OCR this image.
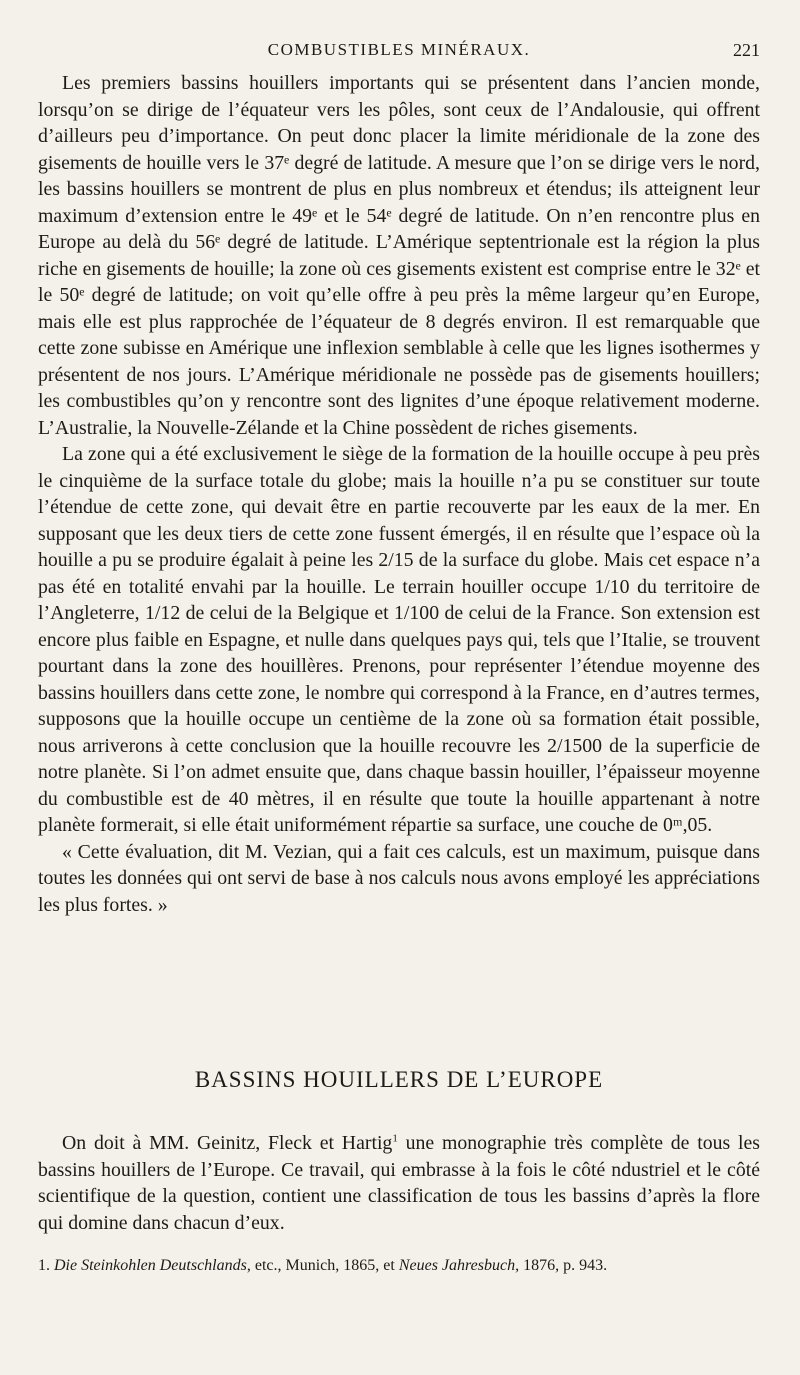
COMBUSTIBLES MINÉRAUX.	221

Les premiers bassins houillers importants qui se présentent dans l’ancien monde, lorsqu’on se dirige de l’équateur vers les pôles, sont ceux de l’Andalousie, qui offrent d’ailleurs peu d’importance. On peut donc placer la limite méridionale de la zone des gisements de houille vers le 37ᵉ degré de latitude. A mesure que l’on se dirige vers le nord, les bassins houillers se montrent de plus en plus nombreux et étendus; ils atteignent leur maximum d’extension entre le 49ᵉ et le 54ᵉ degré de latitude. On n’en rencontre plus en Europe au delà du 56ᵉ degré de latitude. L’Amérique septentrionale est la région la plus riche en gisements de houille; la zone où ces gisements existent est comprise entre le 32ᵉ et le 50ᵉ degré de latitude; on voit qu’elle offre à peu près la même largeur qu’en Europe, mais elle est plus rapprochée de l’équateur de 8 degrés environ. Il est remarquable que cette zone subisse en Amérique une inflexion semblable à celle que les lignes isothermes y présentent de nos jours. L’Amérique méridionale ne possède pas de gisements houillers; les combustibles qu’on y rencontre sont des lignites d’une époque relativement moderne. L’Australie, la Nouvelle-Zélande et la Chine possèdent de riches gisements.

La zone qui a été exclusivement le siège de la formation de la houille occupe à peu près le cinquième de la surface totale du globe; mais la houille n’a pu se constituer sur toute l’étendue de cette zone, qui devait être en partie recouverte par les eaux de la mer. En supposant que les deux tiers de cette zone fussent émergés, il en résulte que l’espace où la houille a pu se produire égalait à peine les 2/15 de la surface du globe. Mais cet espace n’a pas été en totalité envahi par la houille. Le terrain houiller occupe 1/10 du territoire de l’Angleterre, 1/12 de celui de la Belgique et 1/100 de celui de la France. Son extension est encore plus faible en Espagne, et nulle dans quelques pays qui, tels que l’Italie, se trouvent pourtant dans la zone des houillères. Prenons, pour représenter l’étendue moyenne des bassins houillers dans cette zone, le nombre qui correspond à la France, en d’autres termes, supposons que la houille occupe un centième de la zone où sa formation était possible, nous arriverons à cette conclusion que la houille recouvre les 2/1500 de la superficie de notre planète. Si l’on admet ensuite que, dans chaque bassin houiller, l’épaisseur moyenne du combustible est de 40 mètres, il en résulte que toute la houille appartenant à notre planète formerait, si elle était uniformément répartie sa surface, une couche de 0ᵐ,05.

« Cette évaluation, dit M. Vezian, qui a fait ces calculs, est un maximum, puisque dans toutes les données qui ont servi de base à nos calculs nous avons employé les appréciations les plus fortes. »

BASSINS HOUILLERS DE L’EUROPE

On doit à MM. Geinitz, Fleck et Hartig$^1$ une monographie très complète de tous les bassins houillers de l’Europe. Ce travail, qui embrasse à la fois le côté ndustriel et le côté scientifique de la question, contient une classification de tous les bassins d’après la flore qui domine dans chacun d’eux.

1. Die Steinkohlen Deutschlands, etc., Munich, 1865, et Neues Jahresbuch, 1876, p. 943.
